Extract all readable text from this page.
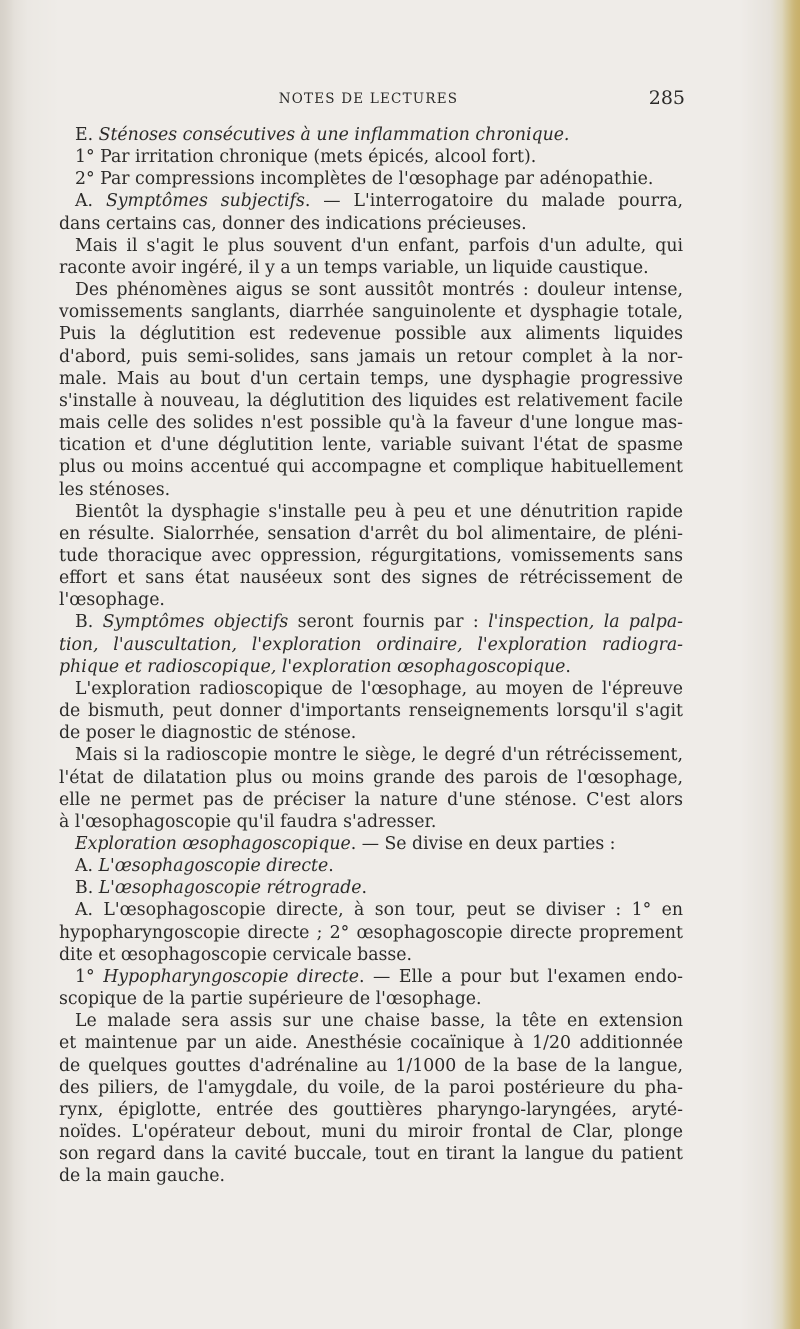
NOTES DE LECTURES	285
E. Sténoses consécutives à une inflammation chronique.
1° Par irritation chronique (mets épicés, alcool fort).
2° Par compressions incomplètes de l'œsophage par adénopathie.
A. Symptômes subjectifs. — L'interrogatoire du malade pourra,
dans certains cas, donner des indications précieuses.
Mais il s'agit le plus souvent d'un enfant, parfois d'un adulte, qui
raconte avoir ingéré, il y a un temps variable, un liquide caustique.
Des phénomènes aigus se sont aussitôt montrés : douleur intense,
vomissements sanglants, diarrhée sanguinolente et dysphagie totale,
Puis la déglutition est redevenue possible aux aliments liquides
d'abord, puis semi-solides, sans jamais un retour complet à la nor-
male. Mais au bout d'un certain temps, une dysphagie progressive
s'installe à nouveau, la déglutition des liquides est relativement facile
mais celle des solides n'est possible qu'à la faveur d'une longue mas-
tication et d'une déglutition lente, variable suivant l'état de spasme
plus ou moins accentué qui accompagne et complique habituellement
les sténoses.
Bientôt la dysphagie s'installe peu à peu et une dénutrition rapide
en résulte. Sialorrhée, sensation d'arrêt du bol alimentaire, de pléni-
tude thoracique avec oppression, régurgitations, vomissements sans
effort et sans état nauséeux sont des signes de rétrécissement de
l'œsophage.
B. Symptômes objectifs seront fournis par : l'inspection, la palpa-
tion, l'auscultation, l'exploration ordinaire, l'exploration radiogra-
phique et radioscopique, l'exploration œsophagoscopique.
L'exploration radioscopique de l'œsophage, au moyen de l'épreuve
de bismuth, peut donner d'importants renseignements lorsqu'il s'agit
de poser le diagnostic de sténose.
Mais si la radioscopie montre le siège, le degré d'un rétrécissement,
l'état de dilatation plus ou moins grande des parois de l'œsophage,
elle ne permet pas de préciser la nature d'une sténose. C'est alors
à l'œsophagoscopie qu'il faudra s'adresser.
Exploration œsophagoscopique. — Se divise en deux parties :
A. L'œsophagoscopie directe.
B. L'œsophagoscopie rétrograde.
A. L'œsophagoscopie directe, à son tour, peut se diviser : 1° en
hypopharyngoscopie directe ; 2° œsophagoscopie directe proprement
dite et œsophagoscopie cervicale basse.
1° Hypopharyngoscopie directe. — Elle a pour but l'examen endo-
scopique de la partie supérieure de l'œsophage.
Le malade sera assis sur une chaise basse, la tête en extension
et maintenue par un aide. Anesthésie cocaïnique à 1/20 additionnée
de quelques gouttes d'adrénaline au 1/1000 de la base de la langue,
des piliers, de l'amygdale, du voile, de la paroi postérieure du pha-
rynx, épiglotte, entrée des gouttières pharyngo-laryngées, aryté-
noïdes. L'opérateur debout, muni du miroir frontal de Clar, plonge
son regard dans la cavité buccale, tout en tirant la langue du patient
de la main gauche.
